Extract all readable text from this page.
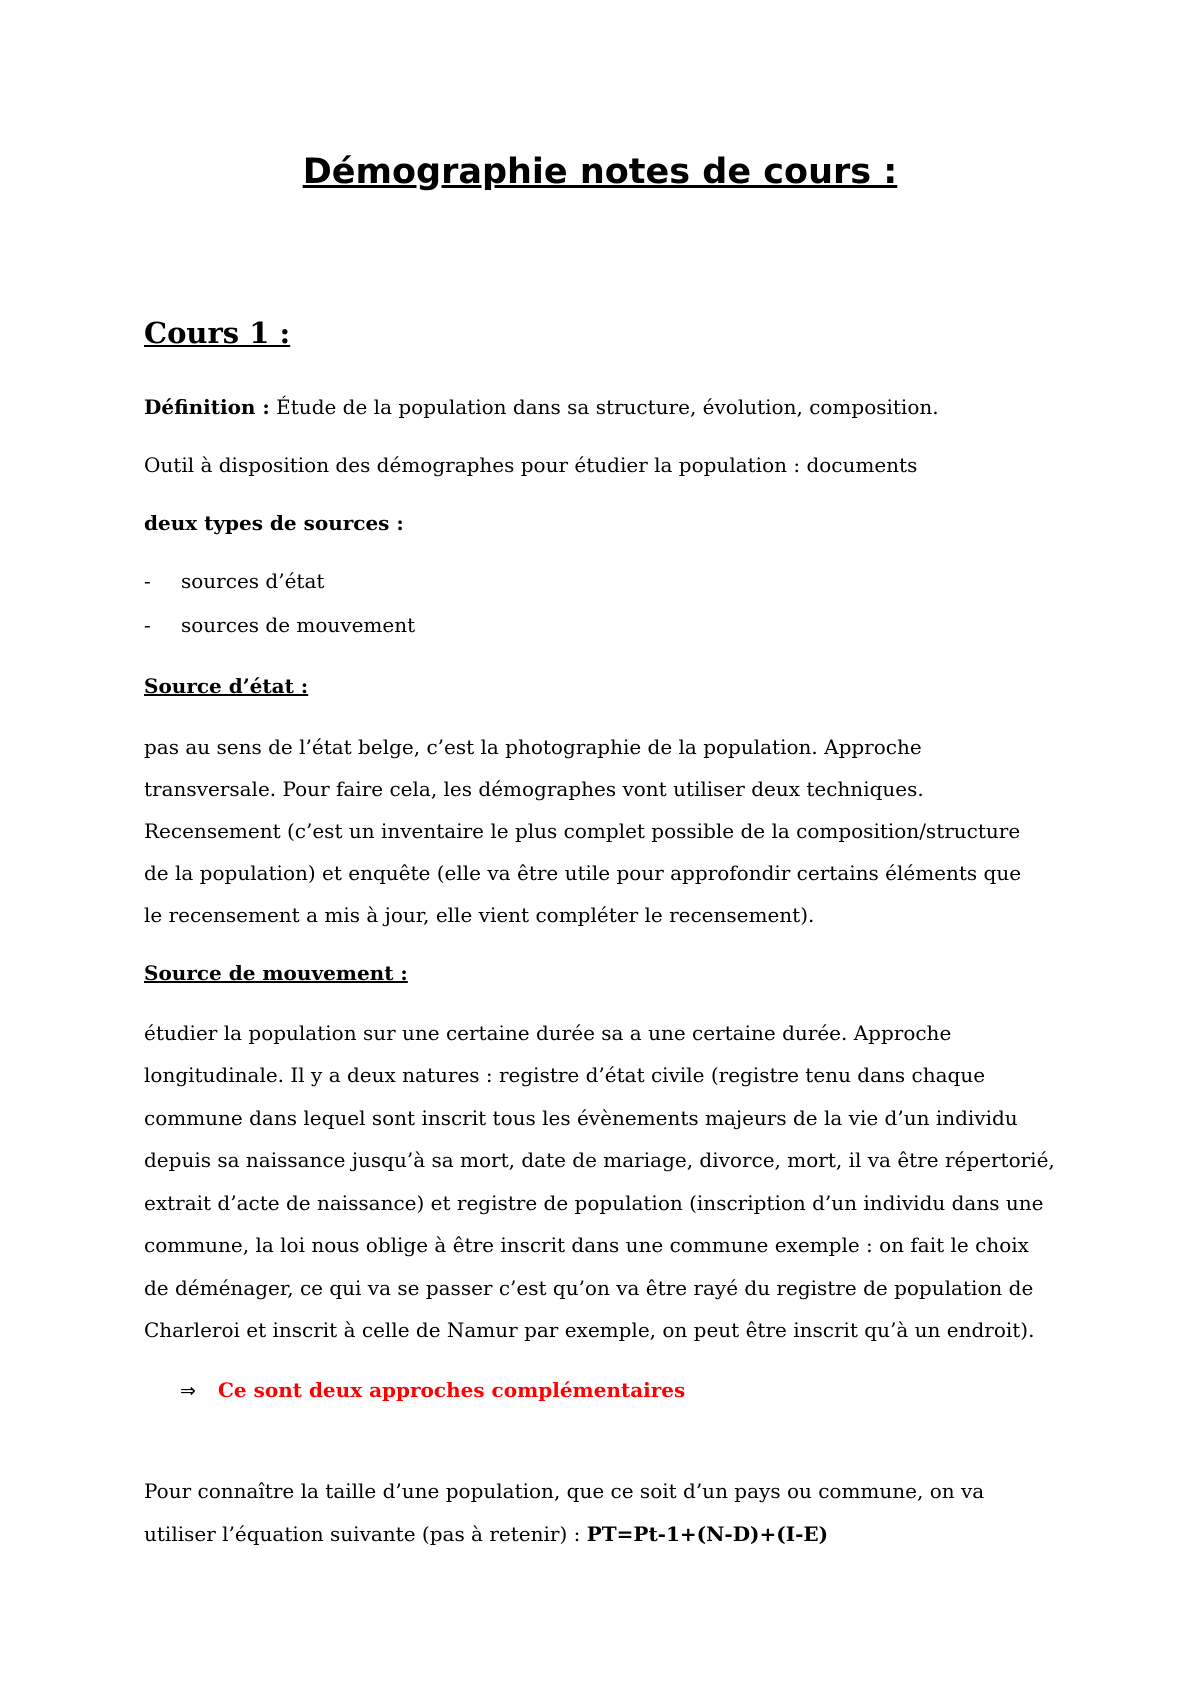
Démographie notes de cours :
Cours 1 :

Définition : Étude de la population dans sa structure, évolution, composition.

Outil à disposition des démographes pour étudier la population : documents

deux types de sources :

- sources d’état
- sources de mouvement

Source d’état :

pas au sens de l’état belge, c’est la photographie de la population. Approche
transversale. Pour faire cela, les démographes vont utiliser deux techniques.
Recensement (c’est un inventaire le plus complet possible de la composition/structure
de la population) et enquête (elle va être utile pour approfondir certains éléments que
le recensement a mis à jour, elle vient compléter le recensement).

Source de mouvement :

étudier la population sur une certaine durée sa a une certaine durée. Approche
longitudinale. Il y a deux natures : registre d’état civile (registre tenu dans chaque
commune dans lequel sont inscrit tous les évènements majeurs de la vie d’un individu
depuis sa naissance jusqu’à sa mort, date de mariage, divorce, mort, il va être répertorié,
extrait d’acte de naissance) et registre de population (inscription d’un individu dans une
commune, la loi nous oblige à être inscrit dans une commune exemple : on fait le choix
de déménager, ce qui va se passer c’est qu’on va être rayé du registre de population de
Charleroi et inscrit à celle de Namur par exemple, on peut être inscrit qu’à un endroit).
⇒ Ce sont deux approches complémentaires
Pour connaître la taille d’une population, que ce soit d’un pays ou commune, on va
utiliser l’équation suivante (pas à retenir) : PT=Pt-1+(N-D)+(I-E)
